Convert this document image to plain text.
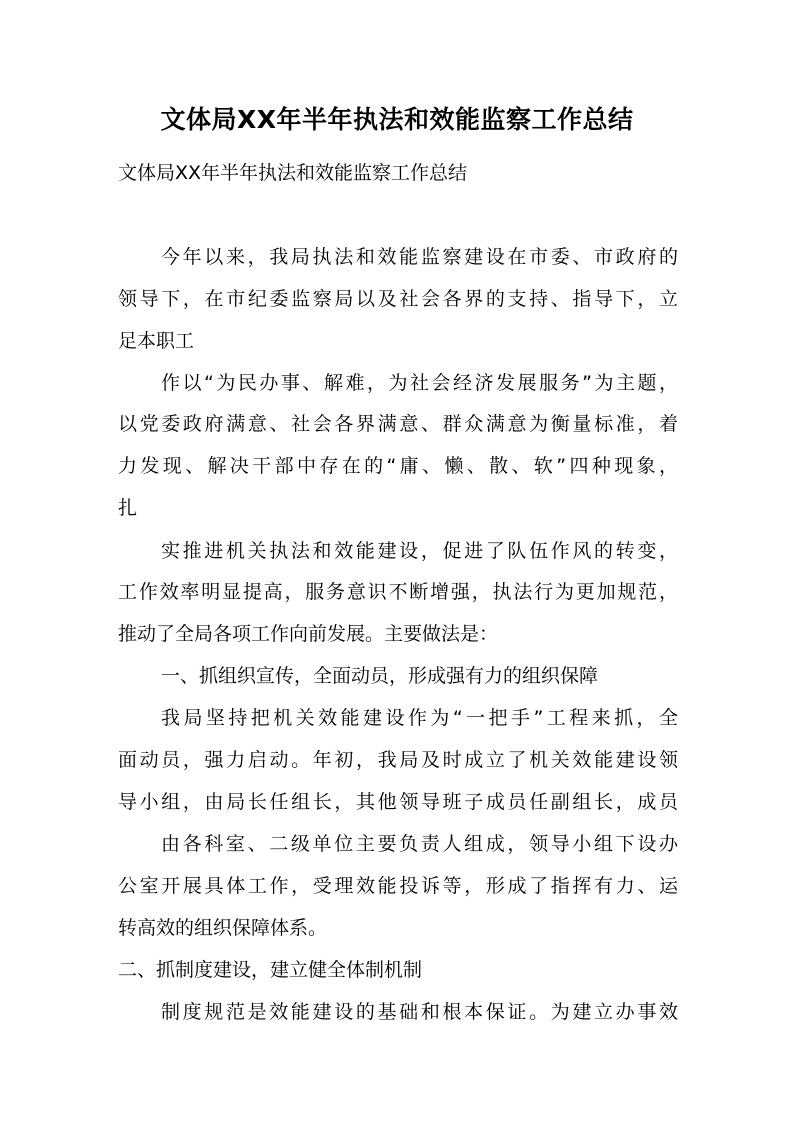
文体局XX年半年执法和效能监察工作总结

文体局XX年半年执法和效能监察工作总结

今年以来，我局执法和效能监察建设在市委、市政府的

领导下，在市纪委监察局以及社会各界的支持、指导下，立

足本职工

作以“为民办事、解难，为社会经济发展服务”为主题，

以党委政府满意、社会各界满意、群众满意为衡量标准，着

力发现、解决干部中存在的“庸、懒、散、软”四种现象，

扎

实推进机关执法和效能建设，促进了队伍作风的转变，

工作效率明显提高，服务意识不断增强，执法行为更加规范，

推动了全局各项工作向前发展。主要做法是：

一、抓组织宣传，全面动员，形成强有力的组织保障

我局坚持把机关效能建设作为“一把手”工程来抓，全

面动员，强力启动。年初，我局及时成立了机关效能建设领

导小组，由局长任组长，其他领导班子成员任副组长，成员

由各科室、二级单位主要负责人组成，领导小组下设办

公室开展具体工作，受理效能投诉等，形成了指挥有力、运

转高效的组织保障体系。

二、抓制度建设，建立健全体制机制

制度规范是效能建设的基础和根本保证。为建立办事效
